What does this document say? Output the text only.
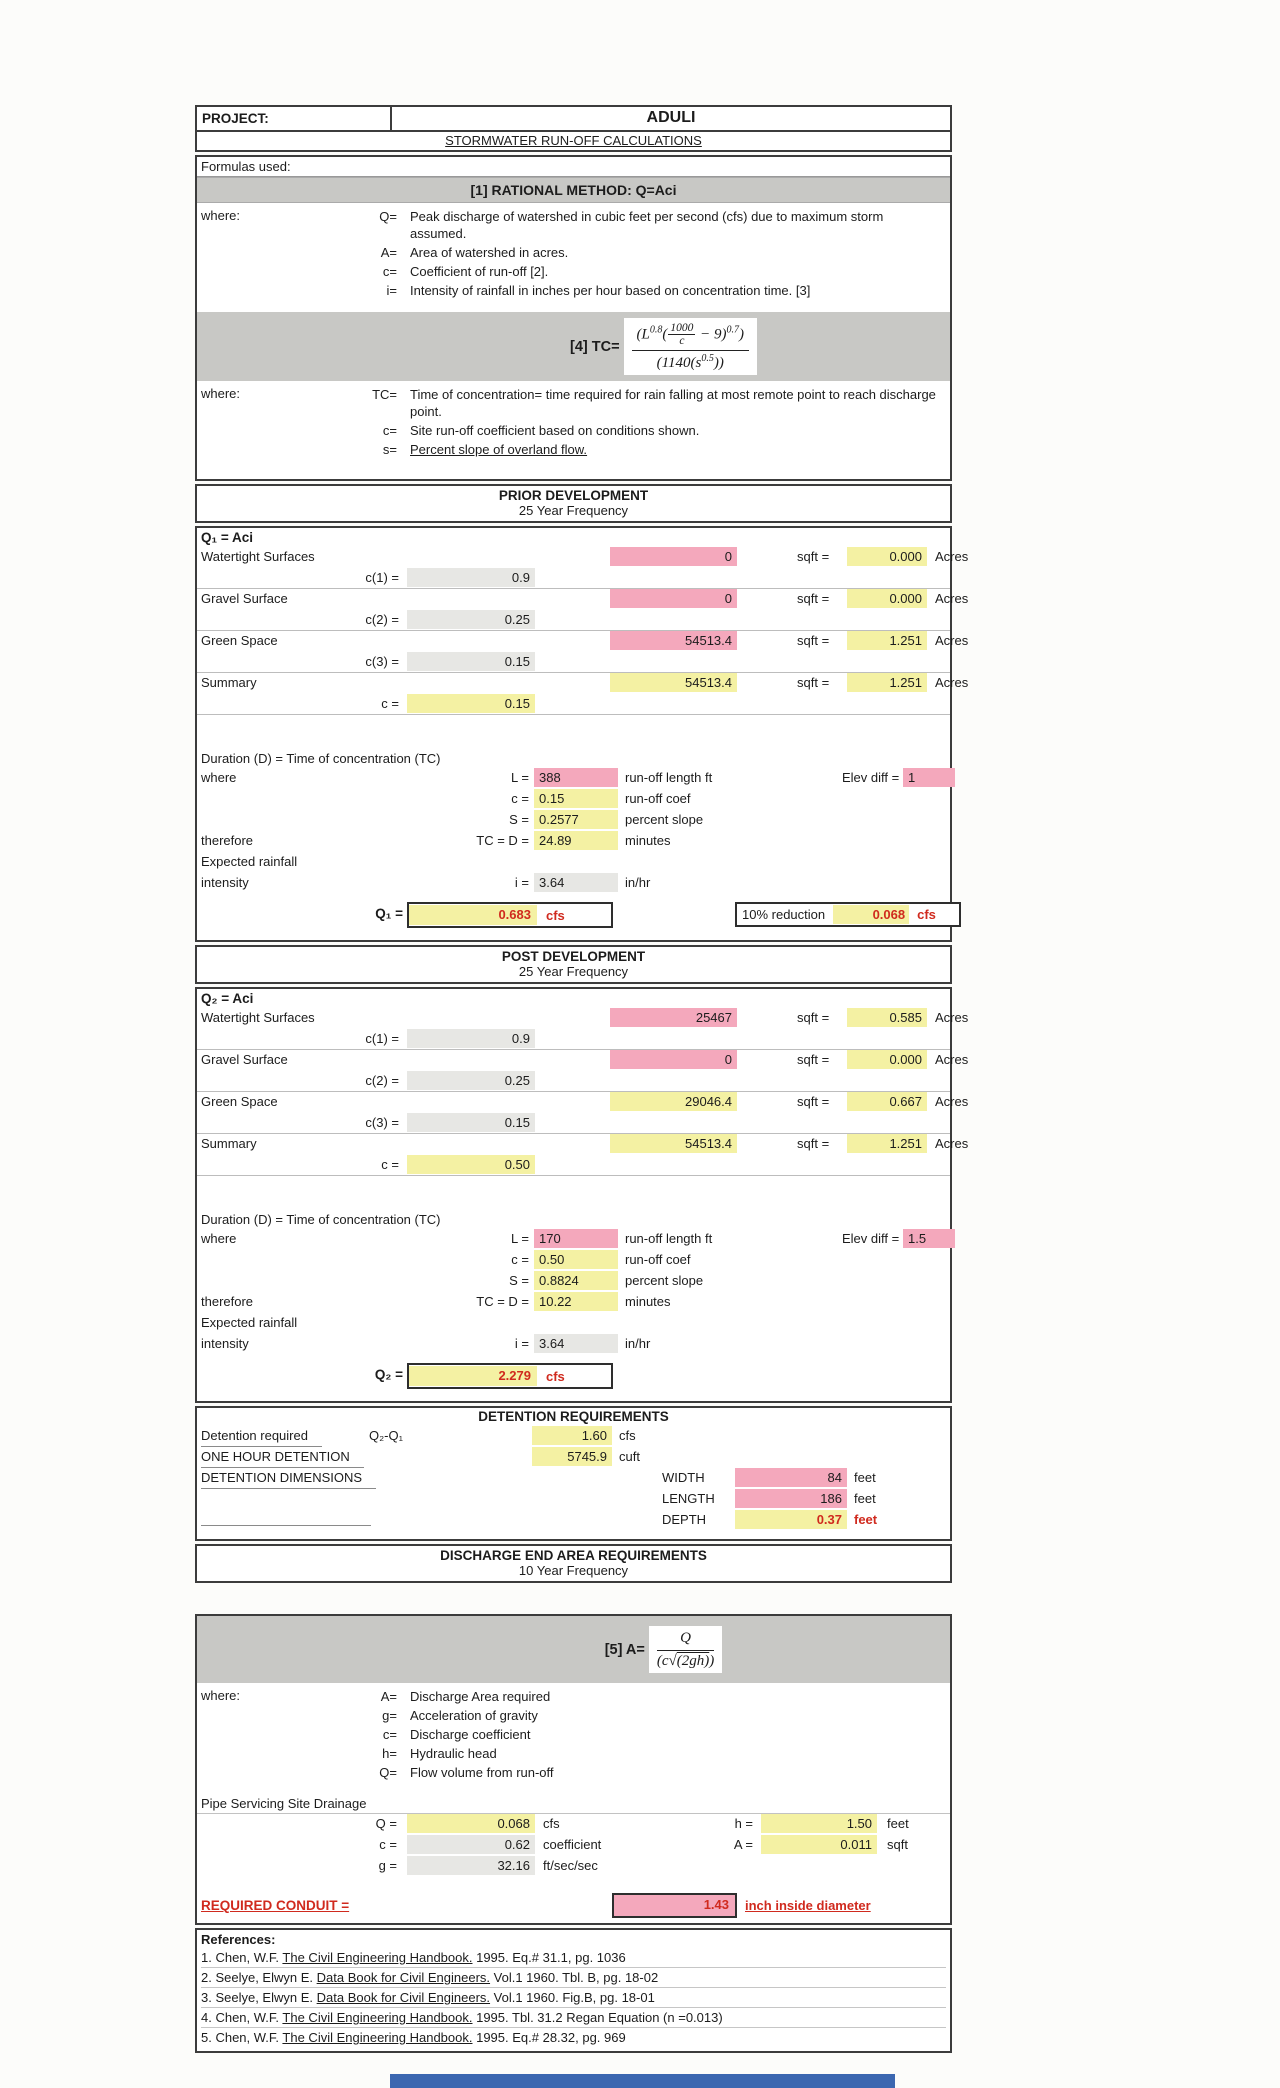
PROJECT:	ADULI
STORMWATER RUN-OFF CALCULATIONS
Formulas used:
[1] RATIONAL METHOD: Q=Aci
where:	Q= Peak discharge of watershed in cubic feet per second (cfs) due to maximum storm assumed.
A= Area of watershed in acres.
c= Coefficient of run-off [2].
i= Intensity of rainfall in inches per hour based on concentration time. [3]
[4] $TC= \frac{(L^{0.8}( \frac{1000}{c} - 9)^{0.7})}{(1140(s^{0.5}))}$
where:	TC= Time of concentration= time required for rain falling at most remote point to reach discharge point.
c= Site run-off coefficient based on conditions shown.
s= Percent slope of overland flow.
PRIOR DEVELOPMENT
25 Year Frequency
Q₁ = Aci
Watertight Surfaces	0	sqft =	0.000	Acres
c(1) =	0.9
Gravel Surface	0	sqft =	0.000	Acres
c(2) =	0.25
Green Space	54513.4	sqft =	1.251	Acres
c(3) =	0.15
Summary	54513.4	sqft =	1.251	Acres
c =	0.15
Duration (D) = Time of concentration (TC)
where	L = 388	run-off length ft	Elev diff = 1
c = 0.15	run-off coef
S = 0.2577	percent slope
therefore	TC = D = 24.89	minutes
Expected rainfall
intensity	i = 3.64	in/hr
Q₁ =	0.683	cfs	10% reduction	0.068 cfs
POST DEVELOPMENT
25 Year Frequency
Q₂ = Aci
Watertight Surfaces	25467	sqft =	0.585	Acres
c(1) =	0.9
Gravel Surface	0	sqft =	0.000	Acres
c(2) =	0.25
Green Space	29046.4	sqft =	0.667	Acres
c(3) =	0.15
Summary	54513.4	sqft =	1.251	Acres
c =	0.50
Duration (D) = Time of concentration (TC)
where	L = 170	run-off length ft	Elev diff = 1.5
c = 0.50	run-off coef
S = 0.8824	percent slope
therefore	TC = D = 10.22	minutes
Expected rainfall
intensity	i = 3.64	in/hr
Q₂ =	2.279	cfs
DETENTION REQUIREMENTS
Detention required	Q₂-Q₁	1.60 cfs
ONE HOUR DETENTION	5745.9 cuft
DETENTION DIMENSIONS	WIDTH	84 feet
LENGTH	186 feet
DEPTH	0.37 feet
DISCHARGE END AREA REQUIREMENTS
10 Year Frequency
[5] $A= \frac{Q}{(c√(2gh))}$
where:	A= Discharge Area required
g= Acceleration of gravity
c= Discharge coefficient
h= Hydraulic head
Q= Flow volume from run-off
Pipe Servicing Site Drainage
Q =	0.068	cfs	h =	1.50	feet
c =	0.62	coefficient	A =	0.011	sqft
g =	32.16	ft/sec/sec
REQUIRED CONDUIT =	1.43	inch inside diameter
References:
1. Chen, W.F. The Civil Engineering Handbook. 1995. Eq.# 31.1, pg. 1036
2. Seelye, Elwyn E. Data Book for Civil Engineers. Vol.1 1960. Tbl. B, pg. 18-02
3. Seelye, Elwyn E. Data Book for Civil Engineers. Vol.1 1960. Fig.B, pg. 18-01
4. Chen, W.F. The Civil Engineering Handbook. 1995. Tbl. 31.2 Regan Equation (n =0.013)
5. Chen, W.F. The Civil Engineering Handbook. 1995. Eq.# 28.32, pg. 969
